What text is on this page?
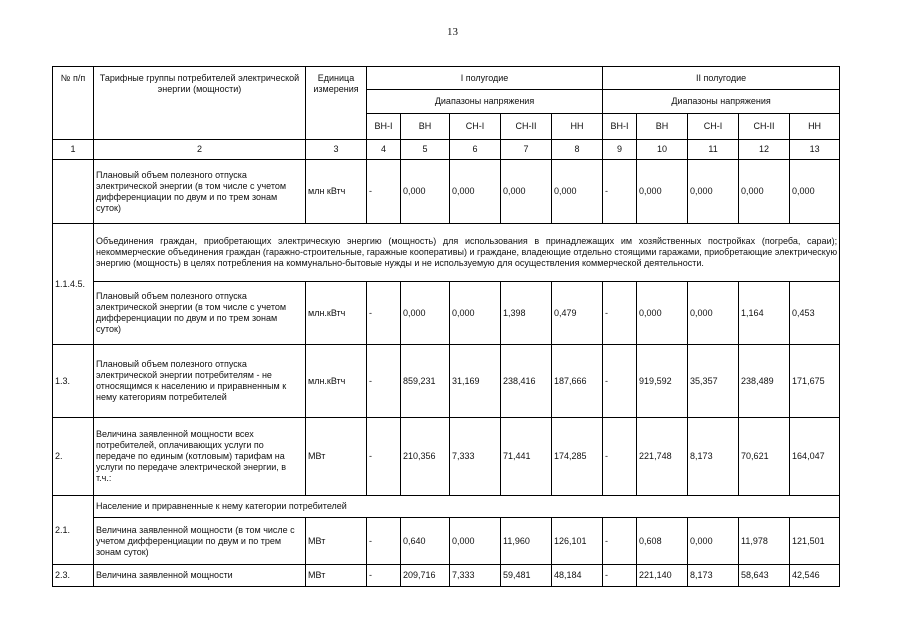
13
№ п/п	Тарифные группы потребителей электрической энергии (мощности)	Единица измерения	I полугодие					II полугодие				
			Диапазоны напряжения					Диапазоны напряжения				
			ВН-I	ВН	СН-I	СН-II	НН	ВН-I	ВН	СН-I	СН-II	НН
1	2	3	4	5	6	7	8	9	10	11	12	13
	Плановый объем полезного отпуска электрической энергии (в том числе с учетом дифференциации по двум и по трем зонам суток)	млн кВтч	-	0,000	0,000	0,000	0,000	-	0,000	0,000	0,000	0,000
1.1.4.5.	Объединения граждан, приобретающих электрическую энергию (мощность) для использования в принадлежащих им хозяйственных постройках (погреба, сараи); некоммерческие объединения граждан (гаражно-строительные, гаражные кооперативы) и граждане, владеющие отдельно стоящими гаражами, приобретающие электрическую энергию (мощность) в целях потребления на коммунально-бытовые нужды и не используемую для осуществления коммерческой деятельности.											
	Плановый объем полезного отпуска электрической энергии (в том числе с учетом дифференциации по двум и по трем зонам суток)	млн.кВтч	-	0,000	0,000	1,398	0,479	-	0,000	0,000	1,164	0,453
1.3.	Плановый объем полезного отпуска электрической энергии потребителям - не относящимся к населению и приравненным к нему категориям потребителей	млн.кВтч	-	859,231	31,169	238,416	187,666	-	919,592	35,357	238,489	171,675
2.	Величина заявленной мощности всех потребителей, оплачивающих услуги по передаче по единым (котловым) тарифам на услуги по передаче электрической энергии, в т.ч.:	МВт	-	210,356	7,333	71,441	174,285	-	221,748	8,173	70,621	164,047
2.1.	Население и приравненные к нему категории потребителей											
	Величина заявленной мощности (в том числе с учетом дифференциации по двум и по трем зонам суток)	МВт	-	0,640	0,000	11,960	126,101	-	0,608	0,000	11,978	121,501
2.3.	Величина заявленной мощности	МВт	-	209,716	7,333	59,481	48,184	-	221,140	8,173	58,643	42,546
